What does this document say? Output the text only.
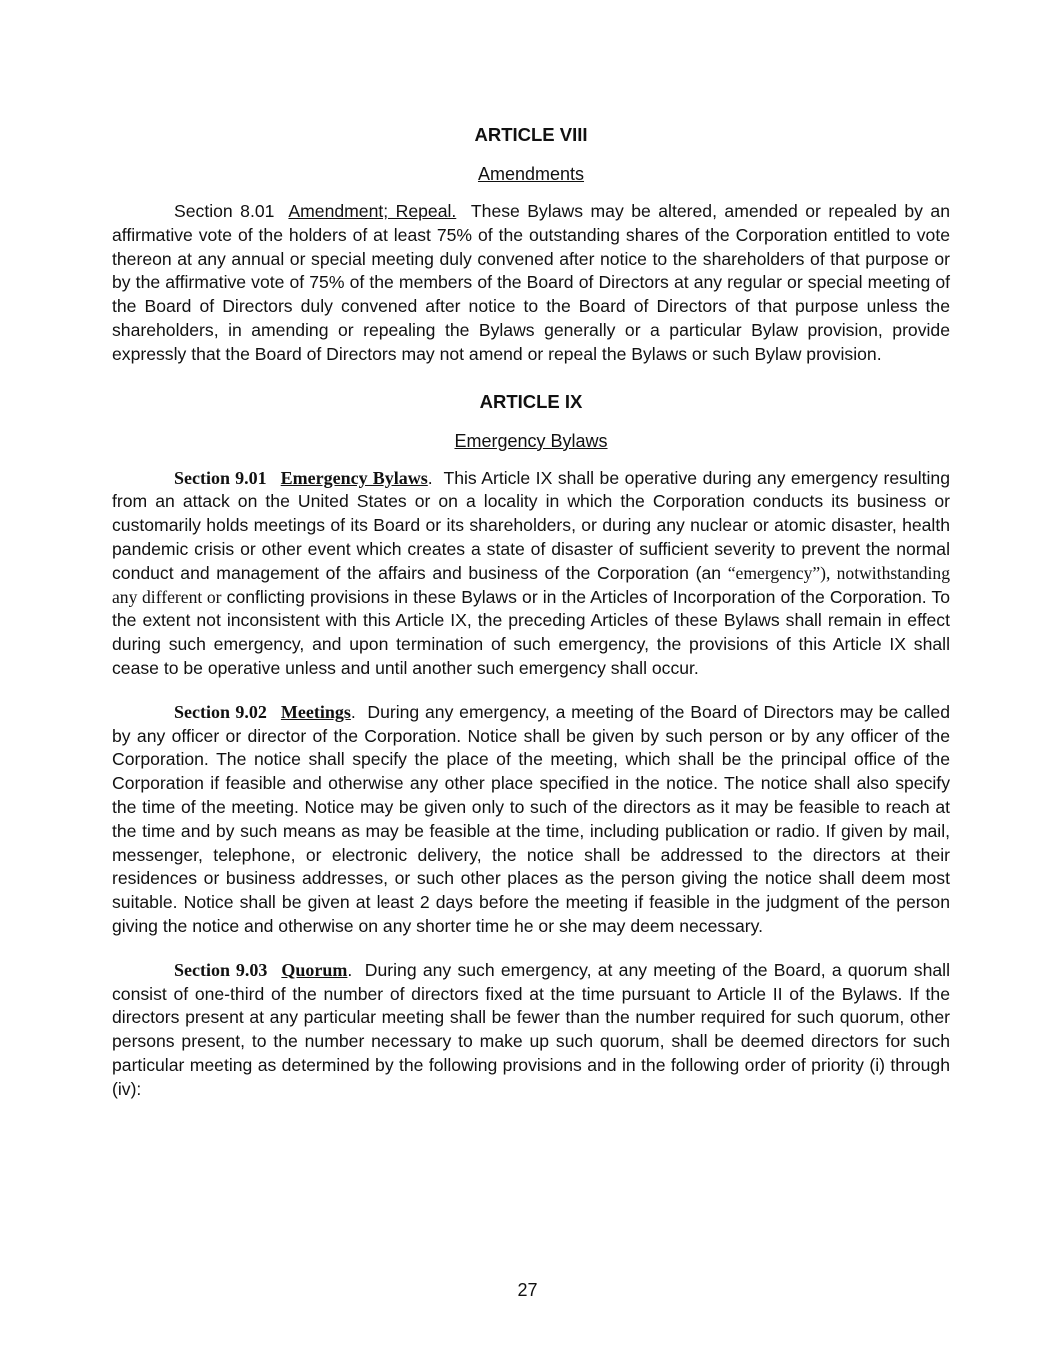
ARTICLE VIII
Amendments

Section 8.01 Amendment; Repeal. These Bylaws may be altered, amended or repealed by an affirmative vote of the holders of at least 75% of the outstanding shares of the Corporation entitled to vote thereon at any annual or special meeting duly convened after notice to the shareholders of that purpose or by the affirmative vote of 75% of the members of the Board of Directors at any regular or special meeting of the Board of Directors duly convened after notice to the Board of Directors of that purpose unless the shareholders, in amending or repealing the Bylaws generally or a particular Bylaw provision, provide expressly that the Board of Directors may not amend or repeal the Bylaws or such Bylaw provision.

ARTICLE IX
Emergency Bylaws

Section 9.01 Emergency Bylaws. This Article IX shall be operative during any emergency resulting from an attack on the United States or on a locality in which the Corporation conducts its business or customarily holds meetings of its Board or its shareholders, or during any nuclear or atomic disaster, health pandemic crisis or other event which creates a state of disaster of sufficient severity to prevent the normal conduct and management of the affairs and business of the Corporation (an “emergency”), notwithstanding any different or conflicting provisions in these Bylaws or in the Articles of Incorporation of the Corporation. To the extent not inconsistent with this Article IX, the preceding Articles of these Bylaws shall remain in effect during such emergency, and upon termination of such emergency, the provisions of this Article IX shall cease to be operative unless and until another such emergency shall occur.

Section 9.02 Meetings. During any emergency, a meeting of the Board of Directors may be called by any officer or director of the Corporation. Notice shall be given by such person or by any officer of the Corporation. The notice shall specify the place of the meeting, which shall be the principal office of the Corporation if feasible and otherwise any other place specified in the notice. The notice shall also specify the time of the meeting. Notice may be given only to such of the directors as it may be feasible to reach at the time and by such means as may be feasible at the time, including publication or radio. If given by mail, messenger, telephone, or electronic delivery, the notice shall be addressed to the directors at their residences or business addresses, or such other places as the person giving the notice shall deem most suitable. Notice shall be given at least 2 days before the meeting if feasible in the judgment of the person giving the notice and otherwise on any shorter time he or she may deem necessary.

Section 9.03 Quorum. During any such emergency, at any meeting of the Board, a quorum shall consist of one-third of the number of directors fixed at the time pursuant to Article II of the Bylaws. If the directors present at any particular meeting shall be fewer than the number required for such quorum, other persons present, to the number necessary to make up such quorum, shall be deemed directors for such particular meeting as determined by the following provisions and in the following order of priority (i) through (iv):

27
